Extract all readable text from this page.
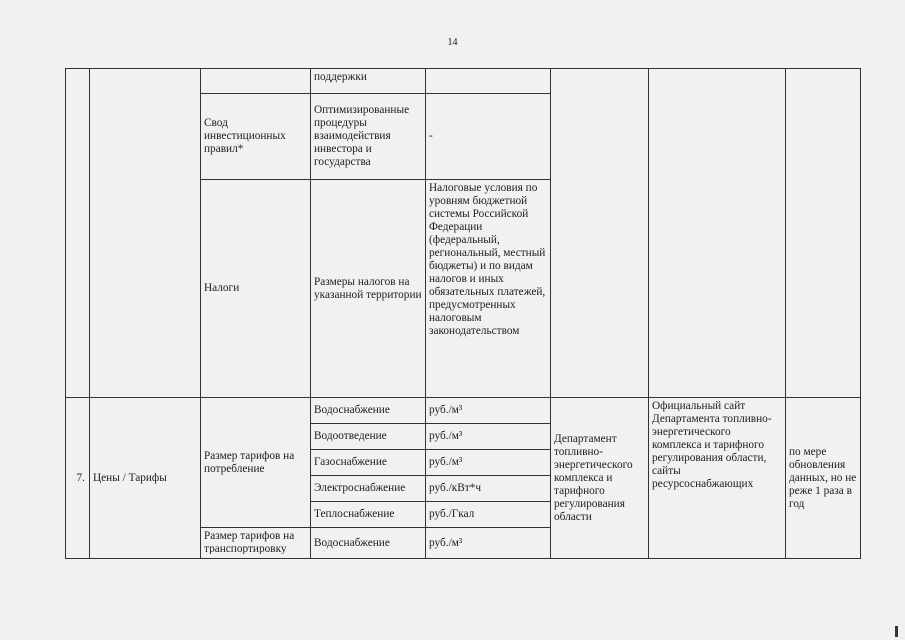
14
			поддержки				
		Свод инвестиционных правил*	Оптимизированные процедуры взаимодействия инвестора и государства	-			
		Налоги	Размеры налогов на указанной территории	Налоговые условия по уровням бюджетной системы Российской Федерации (федеральный, региональный, местный бюджеты) и по видам налогов и иных обязательных платежей, предусмотренных налоговым законодательством			
7.	Цены / Тарифы	Размер тарифов на потребление	Водоснабжение	руб./м³	Департамент топливно-энергетического комплекса и тарифного регулирования области	Официальный сайт Департамента топливно-энергетического комплекса и тарифного регулирования области, сайты ресурсоснабжающих	по мере обновления данных, но не реже 1 раза в год
			Водоотведение	руб./м³			
			Газоснабжение	руб./м³			
			Электроснабжение	руб./кВт*ч			
			Теплоснабжение	руб./Гкал			

		Размер тарифов на транспортировку	Водоснабжение	руб./м³			
